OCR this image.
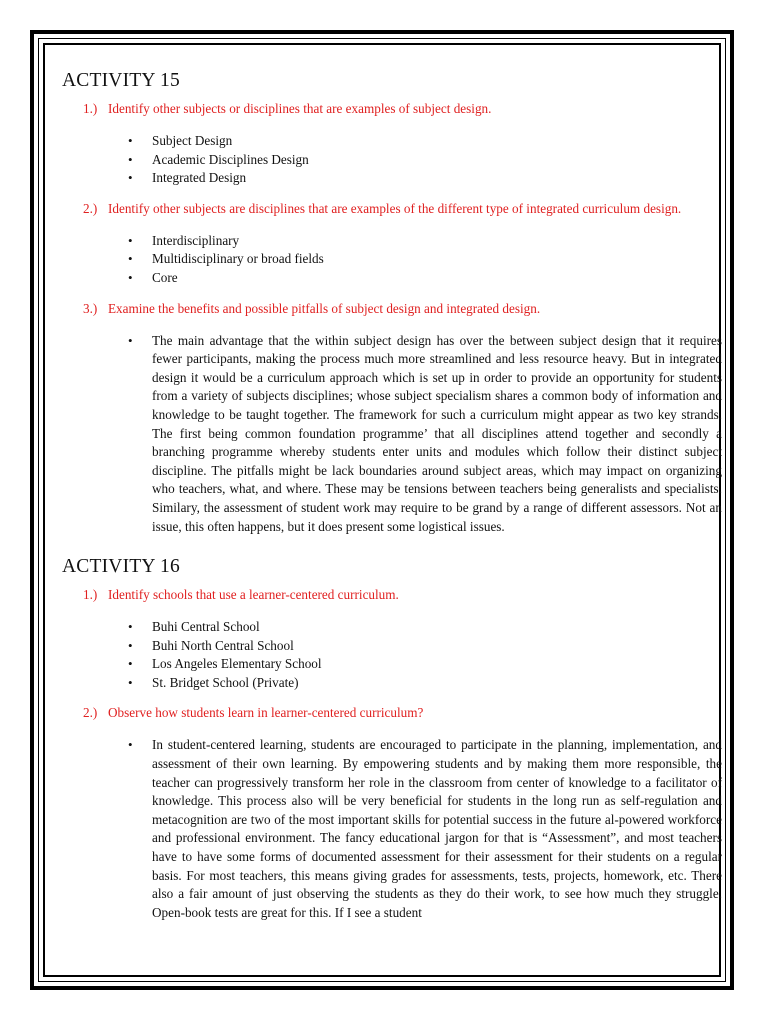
ACTIVITY 15
1.) Identify other subjects or disciplines that are examples of subject design.
• Subject Design
• Academic Disciplines Design
• Integrated Design
2.) Identify other subjects are disciplines that are examples of the different type of integrated curriculum design.
• Interdisciplinary
• Multidisciplinary or broad fields
• Core
3.) Examine the benefits and possible pitfalls of subject design and integrated design.
• The main advantage that the within subject design has over the between subject design that it requires fewer participants, making the process much more streamlined and less resource heavy. But in integrated design it would be a curriculum approach which is set up in order to provide an opportunity for students from a variety of subjects disciplines; whose subject specialism shares a common body of information and knowledge to be taught together. The framework for such a curriculum might appear as two key strands. The first being common foundation programme’ that all disciplines attend together and secondly a branching programme whereby students enter units and modules which follow their distinct subject discipline. The pitfalls might be lack boundaries around subject areas, which may impact on organizing who teachers, what, and where. These may be tensions between teachers being generalists and specialists. Similary, the assessment of student work may require to be grand by a range of different assessors. Not an issue, this often happens, but it does present some logistical issues.
ACTIVITY 16
1.) Identify schools that use a learner-centered curriculum.
• Buhi Central School
• Buhi North Central School
• Los Angeles Elementary School
• St. Bridget School (Private)
2.) Observe how students learn in learner-centered curriculum?
• In student-centered learning, students are encouraged to participate in the planning, implementation, and assessment of their own learning. By empowering students and by making them more responsible, the teacher can progressively transform her role in the classroom from center of knowledge to a facilitator of knowledge. This process also will be very beneficial for students in the long run as self-regulation and metacognition are two of the most important skills for potential success in the future al-powered workforce and professional environment. The fancy educational jargon for that is “Assessment”, and most teachers have to have some forms of documented assessment for their assessment for their students on a regular basis. For most teachers, this means giving grades for assessments, tests, projects, homework, etc. There also a fair amount of just observing the students as they do their work, to see how much they struggle. Open-book tests are great for this. If I see a student
